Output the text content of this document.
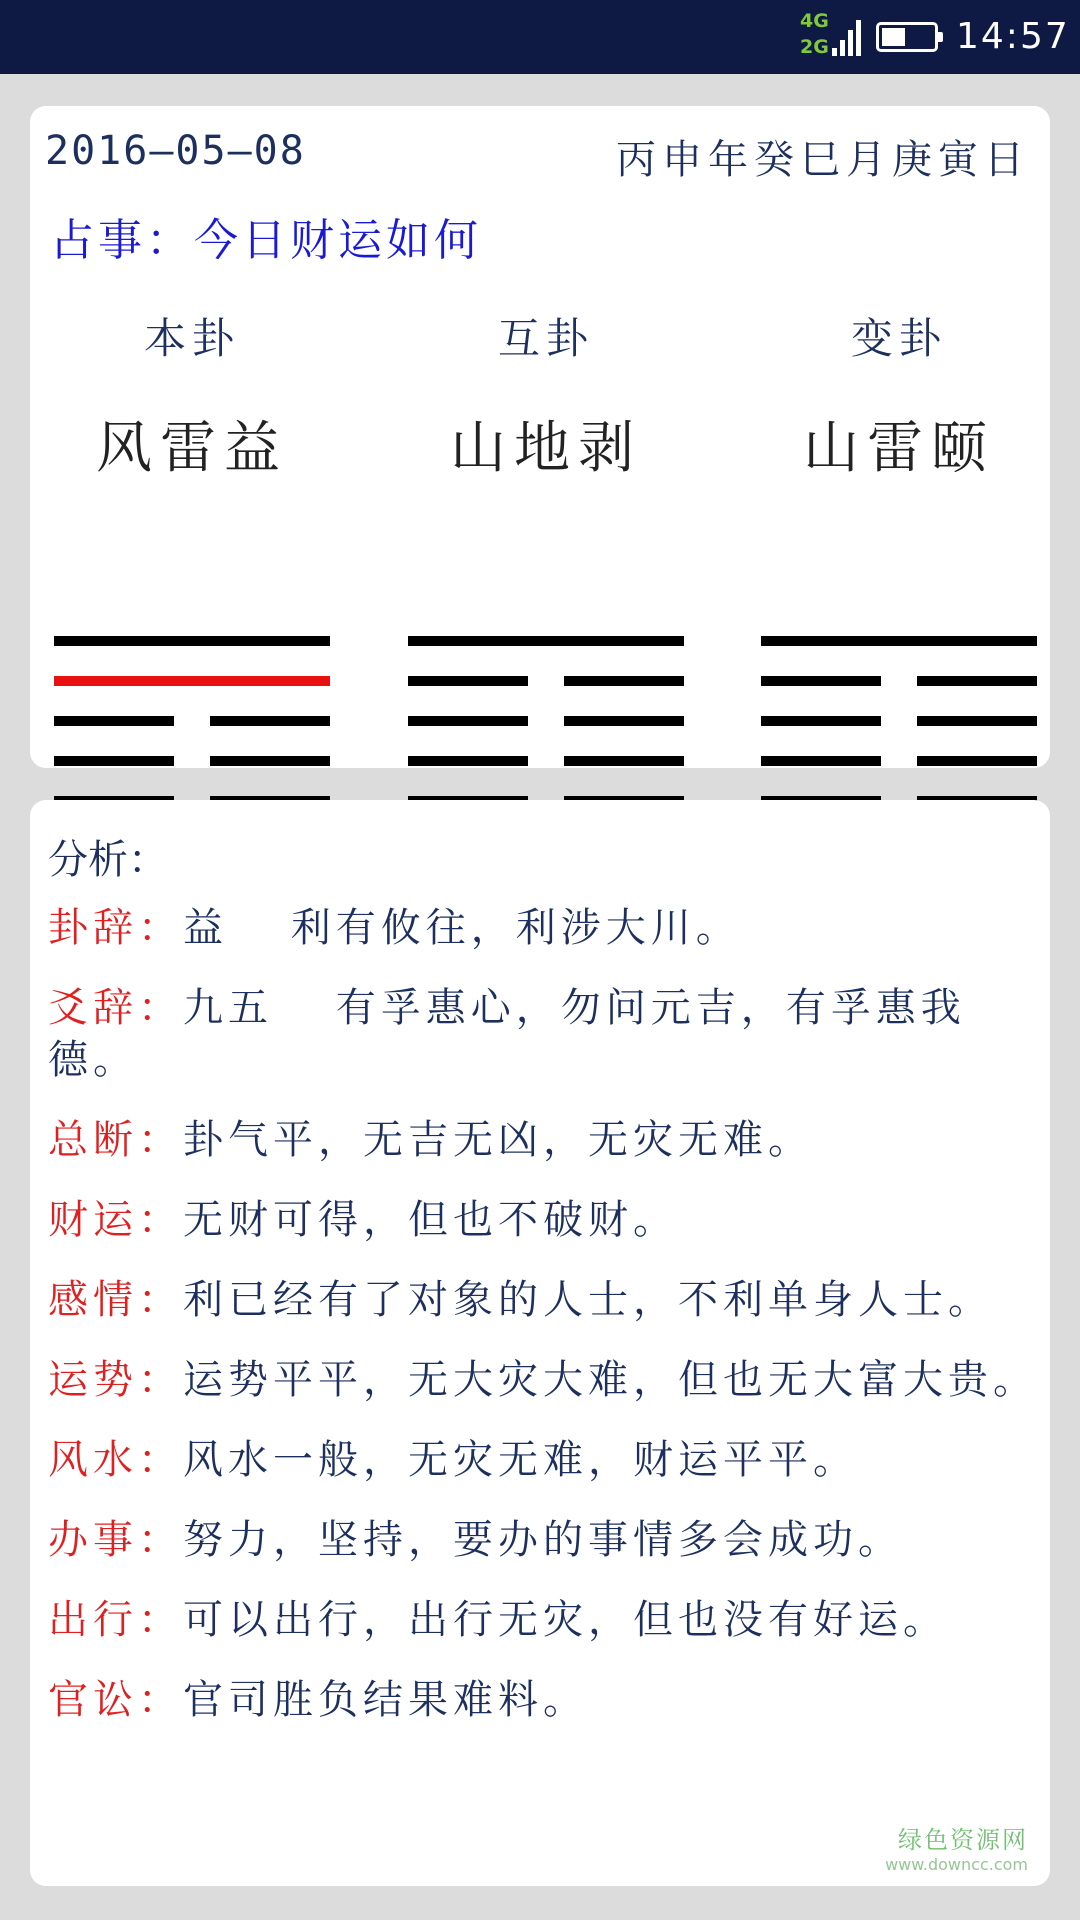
4G
2G	14:57
2016—05—08	丙申年癸巳月庚寅日
占事：今日财运如何
本卦
风雷益
互卦
山地剥
变卦
山雷颐
分析：
卦辞：益　 利有攸往，利涉大川。
爻辞：九五　 有孚惠心，勿问元吉，有孚惠我德。
总断：卦气平，无吉无凶，无灾无难。
财运：无财可得，但也不破财。
感情：利已经有了对象的人士，不利单身人士。
运势：运势平平，无大灾大难，但也无大富大贵。
风水：风水一般，无灾无难，财运平平。
办事：努力，坚持，要办的事情多会成功。
出行：可以出行，出行无灾，但也没有好运。
官讼：官司胜负结果难料。
绿色资源网
www.downcc.com
